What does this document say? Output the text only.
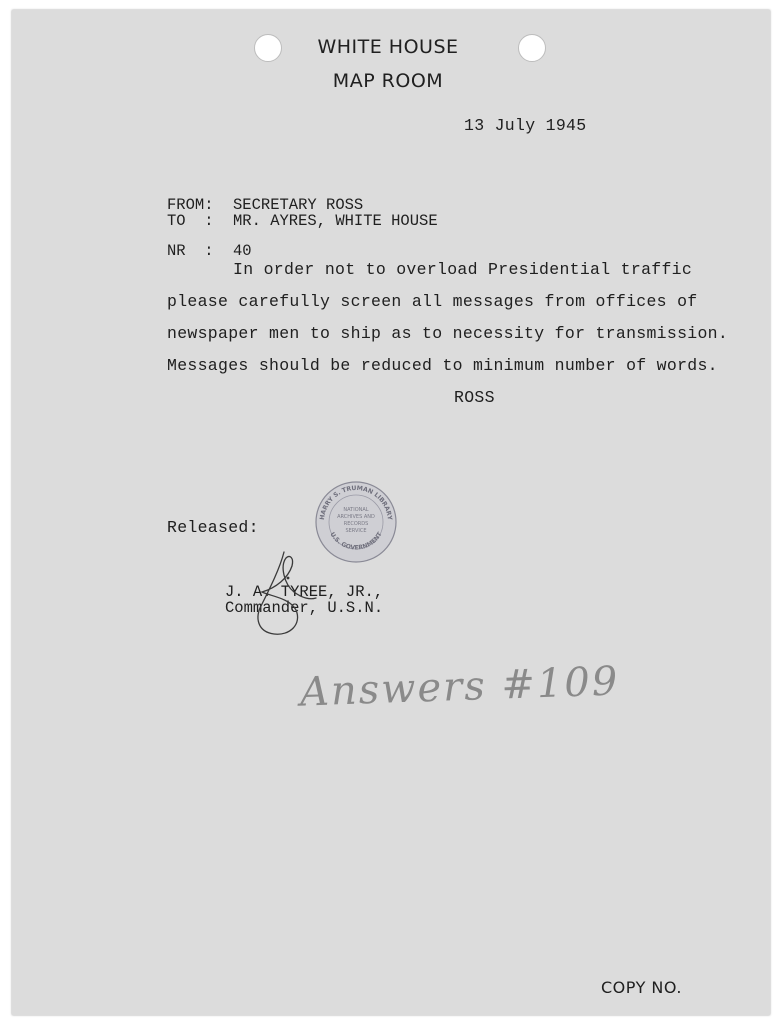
WHITE HOUSE
MAP ROOM
13 July 1945
FROM: SECRETARY ROSS
TO  : MR. AYRES, WHITE HOUSE
NR  : 40
In order not to overload Presidential traffic
please carefully screen all messages from offices of
newspaper men to ship as to necessity for transmission.
Messages should be reduced to minimum number of words.
ROSS
Released:
HARRY S. TRUMAN LIBRARY
U.S. GOVERNMENT
NATIONAL
ARCHIVES AND
RECORDS
SERVICE
J. A. TYREE, JR.,
Commander, U.S.N.
Answers #109
COPY NO.
